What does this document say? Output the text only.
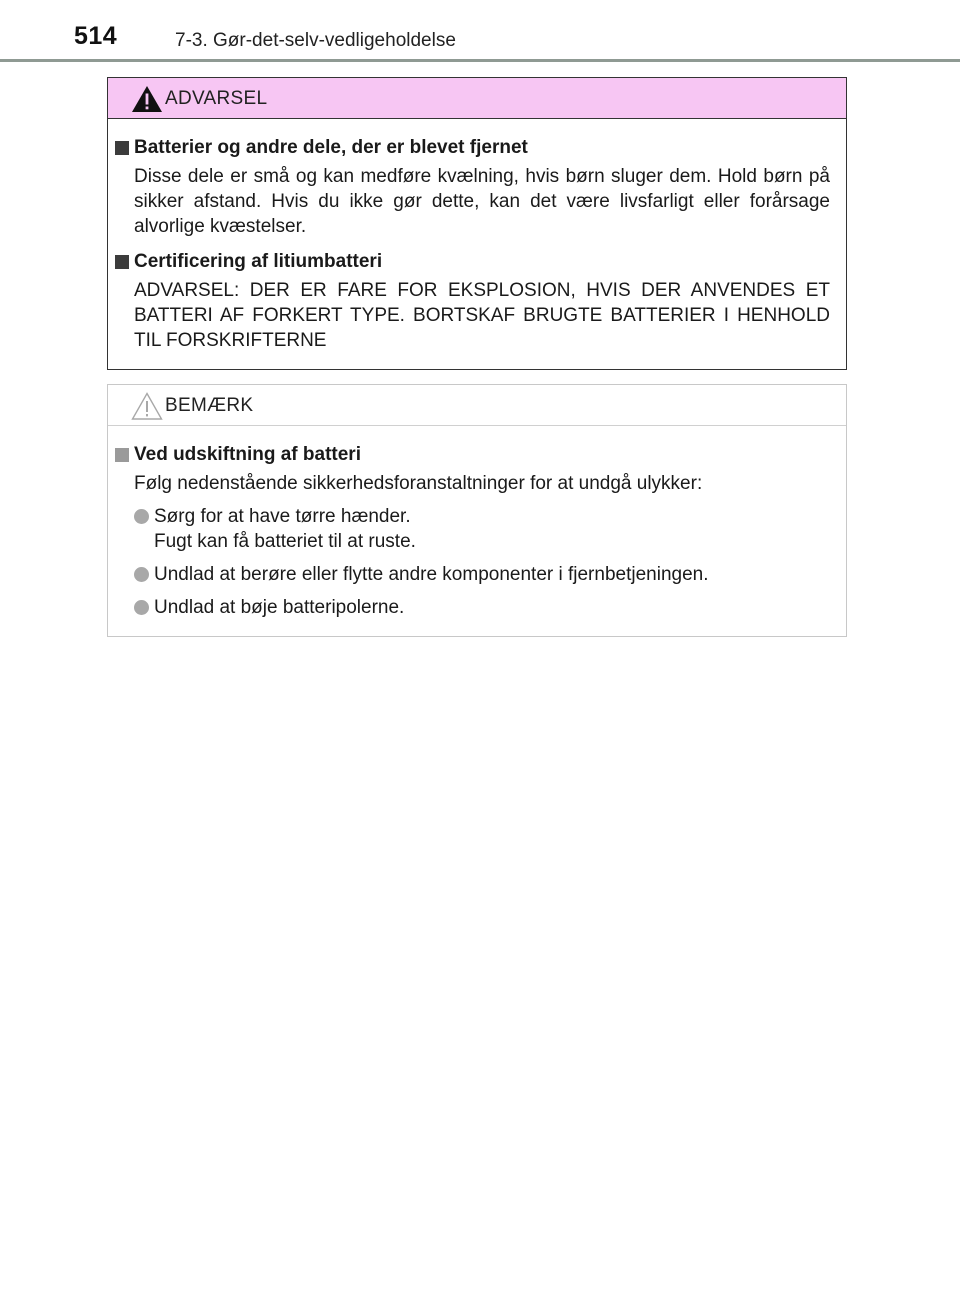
514	7-3. Gør-det-selv-vedligeholdelse
ADVARSEL
Batterier og andre dele, der er blevet fjernet
Disse dele er små og kan medføre kvælning, hvis børn sluger dem. Hold børn på sikker afstand. Hvis du ikke gør dette, kan det være livsfarligt eller forårsage alvorlige kvæstelser.
Certificering af litiumbatteri
ADVARSEL: DER ER FARE FOR EKSPLOSION, HVIS DER ANVENDES ET BATTERI AF FORKERT TYPE. BORTSKAF BRUGTE BATTERIER I HENHOLD TIL FORSKRIFTERNE
BEMÆRK
Ved udskiftning af batteri
Følg nedenstående sikkerhedsforanstaltninger for at undgå ulykker:
Sørg for at have tørre hænder.
Fugt kan få batteriet til at ruste.
Undlad at berøre eller flytte andre komponenter i fjernbetjeningen.
Undlad at bøje batteripolerne.
